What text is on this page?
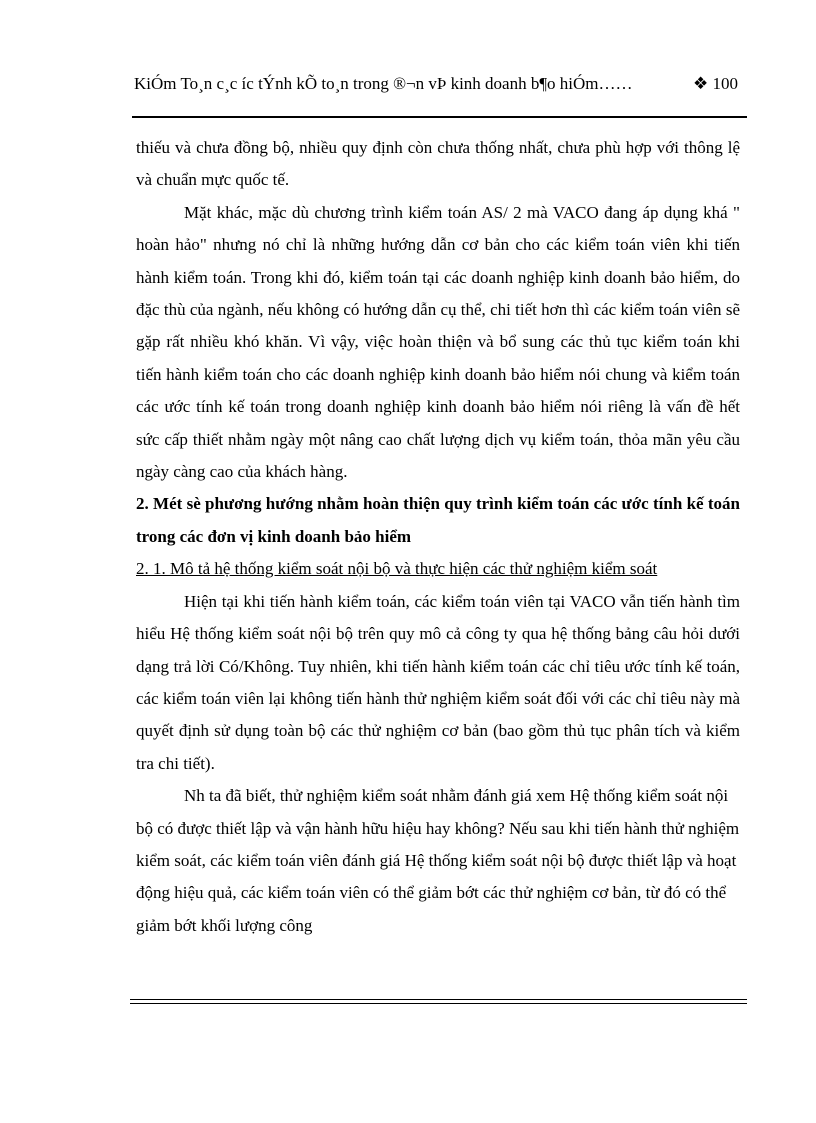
KiÓm To¸n c¸c íc tÝnh kÕ to¸n trong ®¬n vÞ kinh doanh b¶o hiÓm……	❖ 100

thiếu và chưa đồng bộ, nhiều quy định còn chưa thống nhất, chưa phù hợp với thông lệ và chuẩn mực quốc tế.

Mặt khác, mặc dù chương trình kiểm toán AS/ 2 mà VACO đang áp dụng khá " hoàn hảo" nhưng nó chỉ là những hướng dẫn cơ bản cho các kiểm toán viên khi tiến hành kiểm toán. Trong khi đó, kiểm toán tại các doanh nghiệp kinh doanh bảo hiểm, do đặc thù của ngành, nếu không có hướng dẫn cụ thể, chi tiết hơn thì các kiểm toán viên sẽ gặp rất nhiều khó khăn. Vì vậy, việc hoàn thiện và bổ sung các thủ tục kiểm toán khi tiến hành kiểm toán cho các doanh nghiệp kinh doanh bảo hiểm nói chung và kiểm toán các ước tính kế toán trong doanh nghiệp kinh doanh bảo hiểm nói riêng là vấn đề hết sức cấp thiết nhằm ngày một nâng cao chất lượng dịch vụ kiểm toán, thỏa mãn yêu cầu ngày càng cao của khách hàng.

2. Mét sè phương hướng nhằm hoàn thiện quy trình kiểm toán các ước tính kế toán trong các đơn vị kinh doanh bảo hiểm

2. 1. Mô tả hệ thống kiểm soát nội bộ và thực hiện các thử nghiệm kiểm soát

Hiện tại khi tiến hành kiểm toán, các kiểm toán viên tại VACO vẫn tiến hành tìm hiểu Hệ thống kiểm soát nội bộ trên quy mô cả công ty qua hệ thống bảng câu hỏi dưới dạng trả lời Có/Không. Tuy nhiên, khi tiến hành kiểm toán các chỉ tiêu ước tính kế toán, các kiểm toán viên lại không tiến hành thử nghiệm kiểm soát đối với các chỉ tiêu này mà quyết định sử dụng toàn bộ các thử nghiệm cơ bản (bao gồm thủ tục phân tích và kiểm tra chi tiết).

Nh ta đã biết, thử nghiệm kiểm soát nhằm đánh giá xem Hệ thống kiểm soát nội bộ có được thiết lập và vận hành hữu hiệu hay không? Nếu sau khi tiến hành thử nghiệm kiểm soát, các kiểm toán viên đánh giá Hệ thống kiểm soát nội bộ được thiết lập và hoạt động hiệu quả, các kiểm toán viên có thể giảm bớt các thử nghiệm cơ bản, từ đó có thể giảm bớt khối lượng công
